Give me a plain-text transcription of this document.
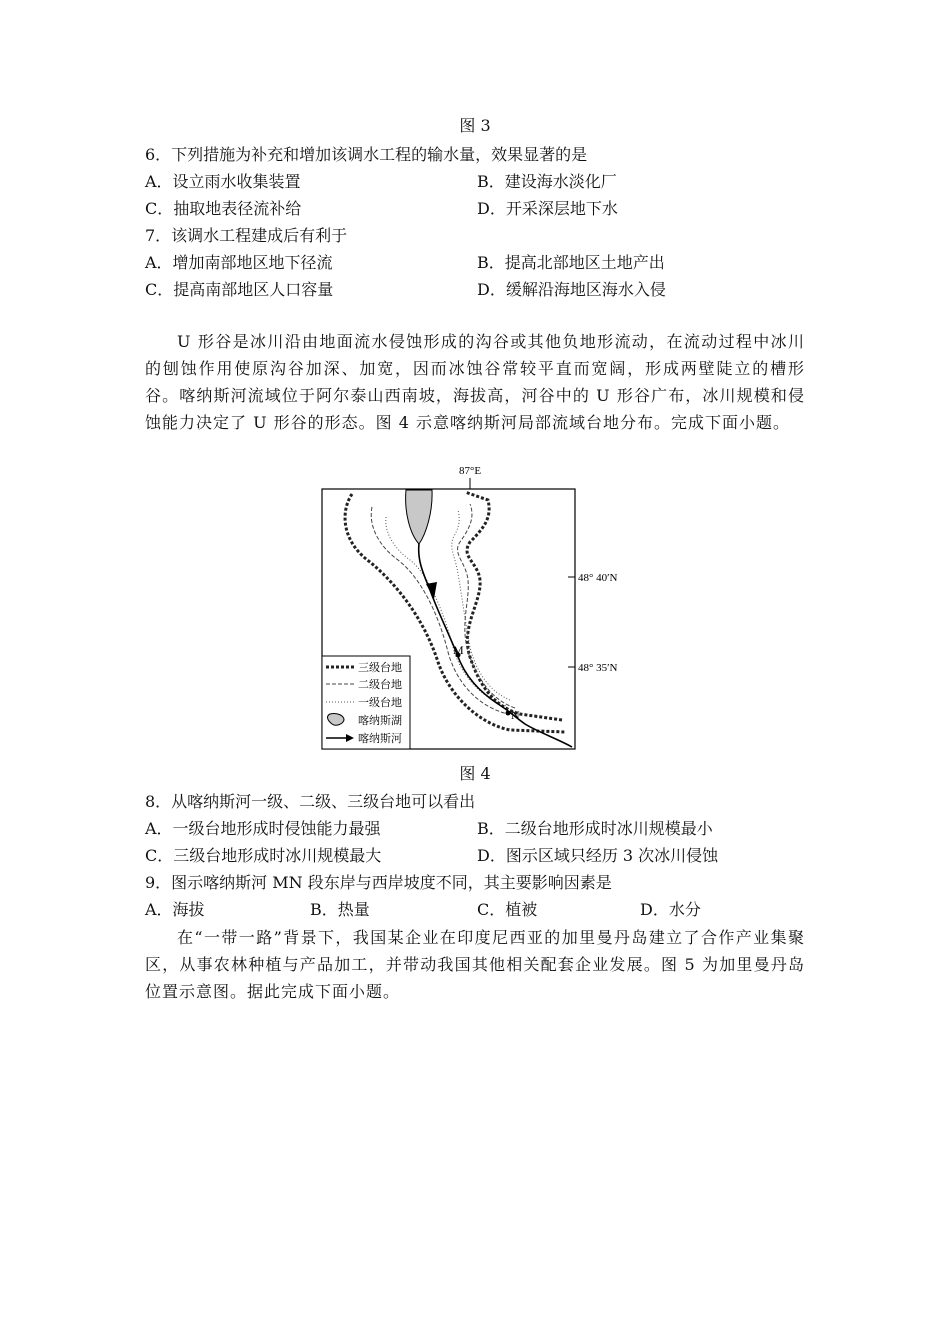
图 3
6．下列措施为补充和增加该调水工程的输水量，效果显著的是
A．设立雨水收集装置	B．建设海水淡化厂
C．抽取地表径流补给	D．开采深层地下水
7．该调水工程建成后有利于
A．增加南部地区地下径流	B．提高北部地区土地产出
C．提高南部地区人口容量	D．缓解沿海地区海水入侵
U 形谷是冰川沿由地面流水侵蚀形成的沟谷或其他负地形流动，在流动过程中冰川的刨蚀作用使原沟谷加深、加宽，因而冰蚀谷常较平直而宽阔，形成两壁陡立的槽形谷。喀纳斯河流域位于阿尔泰山西南坡，海拔高，河谷中的 U 形谷广布，冰川规模和侵蚀能力决定了 U 形谷的形态。图 4 示意喀纳斯河局部流域台地分布。完成下面小题。
87°E
48° 40′N
48° 35′N
M
N
三级台地
二级台地
一级台地
喀纳斯湖
喀纳斯河
图 4
8．从喀纳斯河一级、二级、三级台地可以看出
A．一级台地形成时侵蚀能力最强	B．二级台地形成时冰川规模最小
C．三级台地形成时冰川规模最大	D．图示区域只经历 3 次冰川侵蚀
9．图示喀纳斯河 MN 段东岸与西岸坡度不同，其主要影响因素是
A．海拔	B．热量	C．植被	D．水分
在“一带一路”背景下，我国某企业在印度尼西亚的加里曼丹岛建立了合作产业集聚区，从事农林种植与产品加工，并带动我国其他相关配套企业发展。图 5 为加里曼丹岛位置示意图。据此完成下面小题。
